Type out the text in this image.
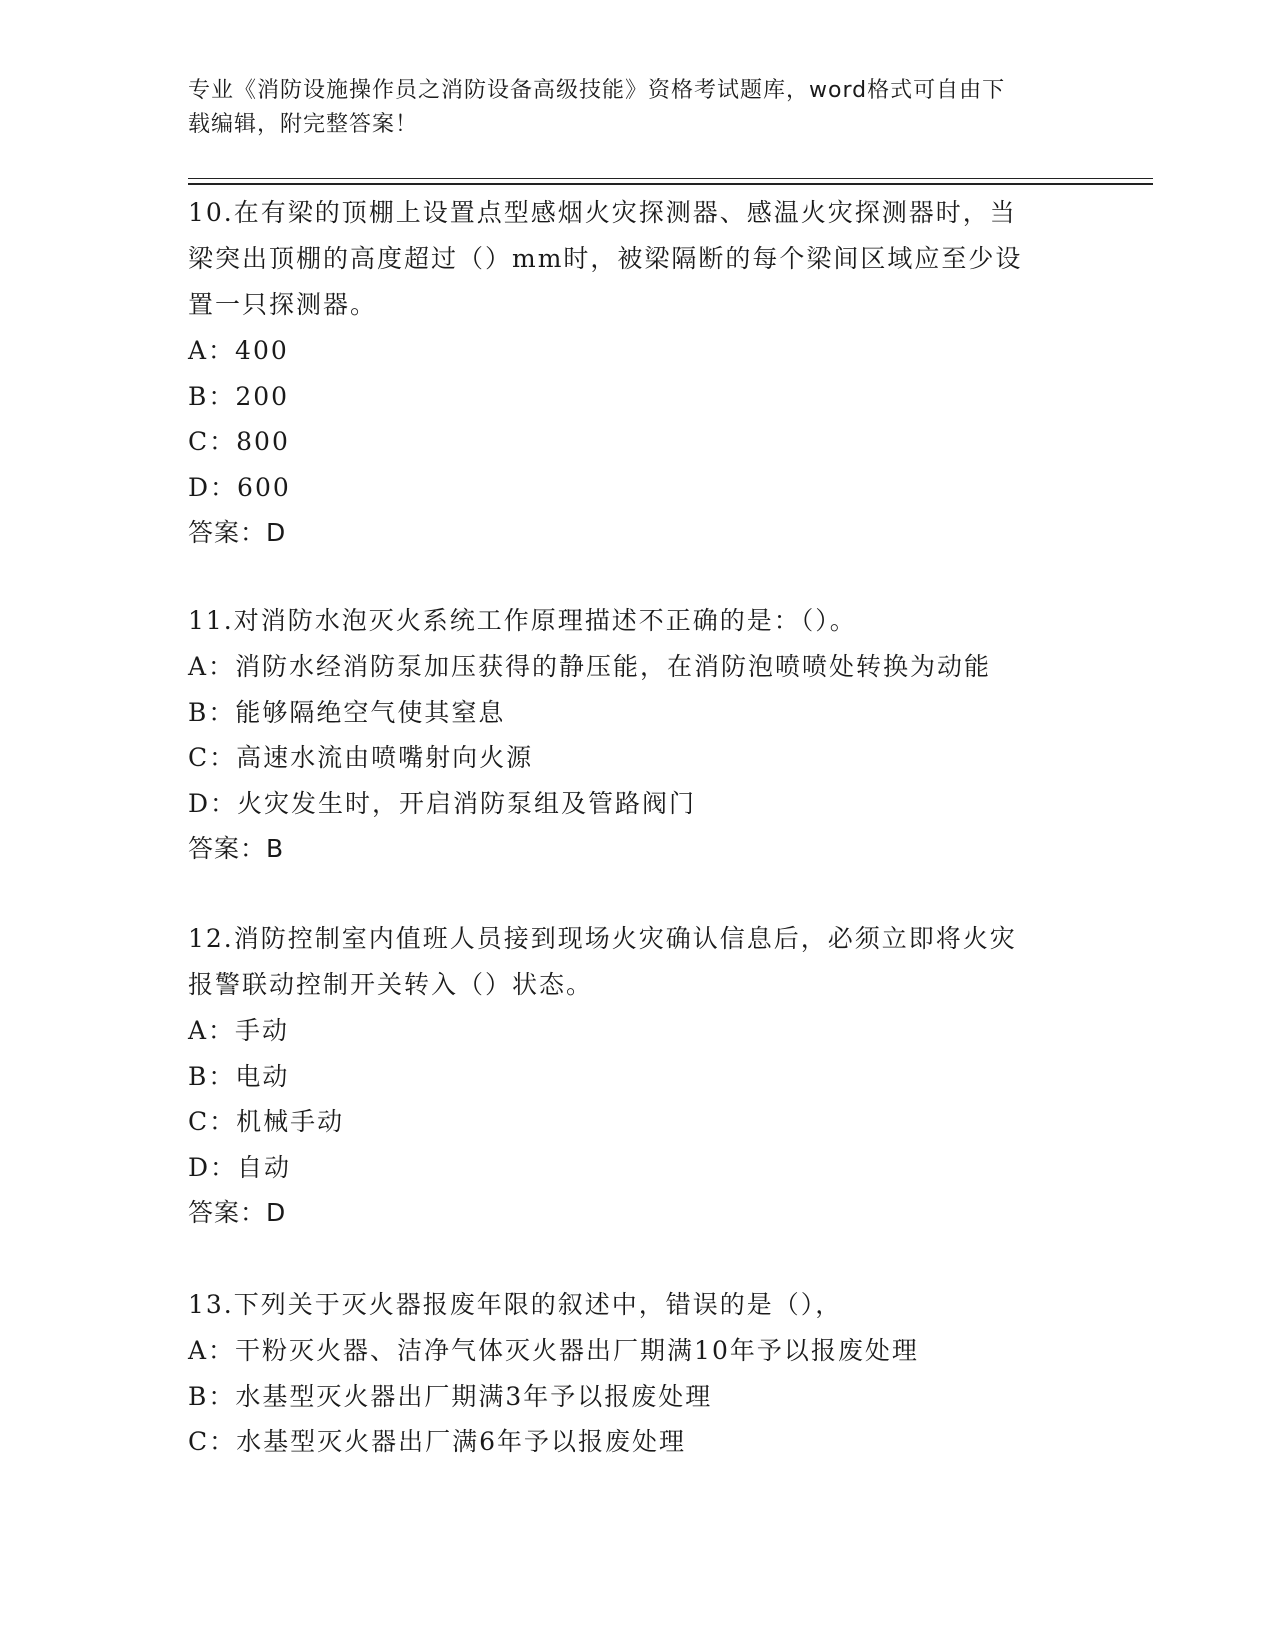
专业《消防设施操作员之消防设备高级技能》资格考试题库，word格式可自由下
载编辑，附完整答案！

10.在有梁的顶棚上设置点型感烟火灾探测器、感温火灾探测器时，当

梁突出顶棚的高度超过（）mm时，被梁隔断的每个梁间区域应至少设

置一只探测器。

A：400

B：200

C：800

D：600

答案：D

11.对消防水泡灭火系统工作原理描述不正确的是：（）。

A：消防水经消防泵加压获得的静压能，在消防泡喷喷处转换为动能

B：能够隔绝空气使其窒息

C：高速水流由喷嘴射向火源

D：火灾发生时，开启消防泵组及管路阀门

答案：B

12.消防控制室内值班人员接到现场火灾确认信息后，必须立即将火灾

报警联动控制开关转入（）状态。

A：手动

B：电动

C：机械手动

D：自动

答案：D

13.下列关于灭火器报废年限的叙述中，错误的是（），

A：干粉灭火器、洁净气体灭火器出厂期满10年予以报废处理

B：水基型灭火器出厂期满3年予以报废处理

C：水基型灭火器出厂满6年予以报废处理
